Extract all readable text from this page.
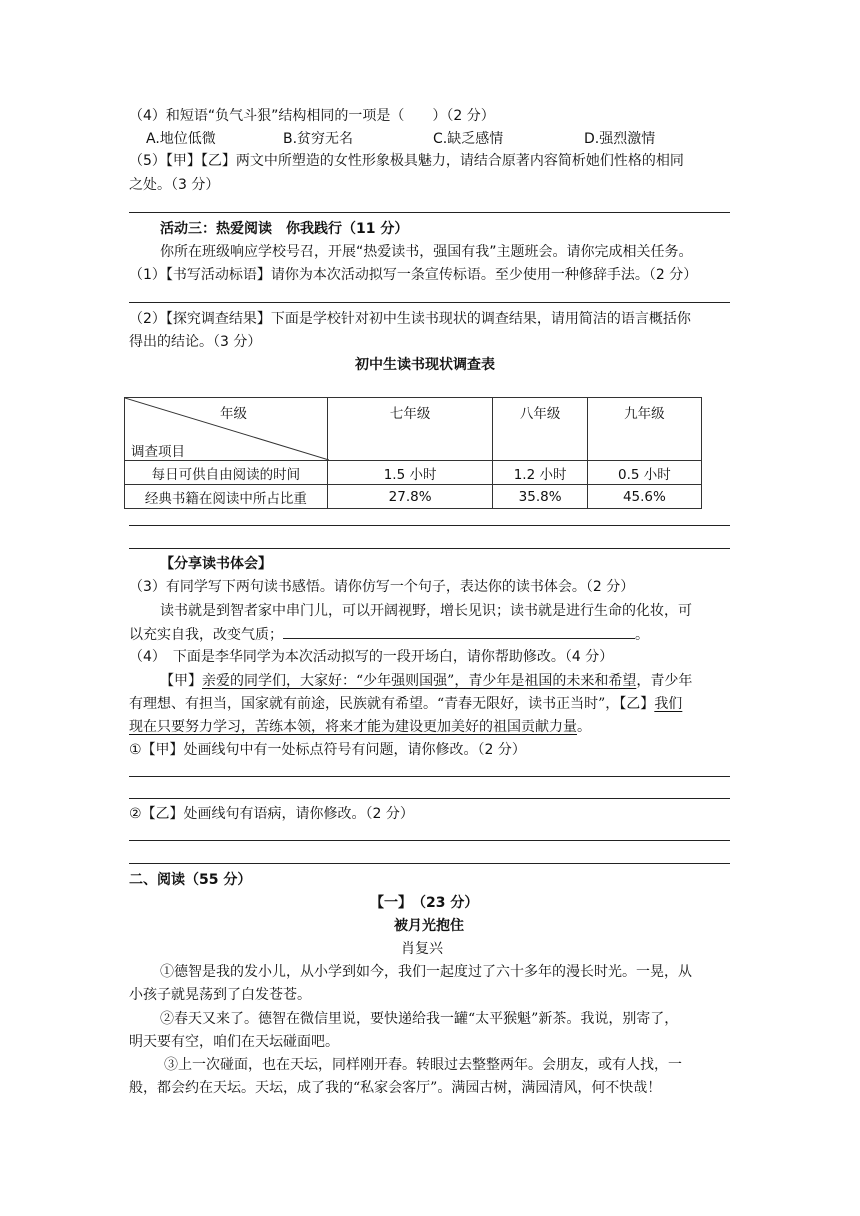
（4）和短语“负气斗狠”结构相同的一项是（　　）（2 分）
A.地位低微	B.贫穷无名	C.缺乏感情	D.强烈激情
（5）【甲】【乙】两文中所塑造的女性形象极具魅力，请结合原著内容简析她们性格的相同
之处。（3 分）
活动三：热爱阅读　你我践行（11 分）
你所在班级响应学校号召，开展“热爱读书，强国有我”主题班会。请你完成相关任务。
（1）【书写活动标语】请你为本次活动拟写一条宣传标语。至少使用一种修辞手法。（2 分）
（2）【探究调查结果】下面是学校针对初中生读书现状的调查结果，请用简洁的语言概括你
得出的结论。（3 分）
初中生读书现状调查表
年级
调查项目	七年级	八年级	九年级
每日可供自由阅读的时间	1.5 小时	1.2 小时	0.5 小时
经典书籍在阅读中所占比重	27.8%	35.8%	45.6%
【分享读书体会】
（3）有同学写下两句读书感悟。请你仿写一个句子，表达你的读书体会。（2 分）
读书就是到智者家中串门儿，可以开阔视野，增长见识；读书就是进行生命的化妆，可
以充实自我，改变气质；	。
（4）　下面是李华同学为本次活动拟写的一段开场白，请你帮助修改。（4 分）
【甲】亲爱的同学们，大家好：“少年强则国强”，青少年是祖国的未来和希望，青少年
有理想、有担当，国家就有前途，民族就有希望。“青春无限好，读书正当时”，【乙】我们
现在只要努力学习，苦练本领，将来才能为建设更加美好的祖国贡献力量。
①【甲】处画线句中有一处标点符号有问题，请你修改。（2 分）
②【乙】处画线句有语病，请你修改。（2 分）
二、阅读（55 分）
【一】　（23 分）
被月光抱住
肖复兴
①德智是我的发小儿，从小学到如今，我们一起度过了六十多年的漫长时光。一晃，从
小孩子就晃荡到了白发苍苍。
②春天又来了。德智在微信里说，要快递给我一罐“太平猴魁”新茶。我说，别寄了，
明天要有空，咱们在天坛碰面吧。
③上一次碰面，也在天坛，同样刚开春。转眼过去整整两年。会朋友，或有人找，一
般，都会约在天坛。天坛，成了我的“私家会客厅”。满园古树，满园清风，何不快哉！
